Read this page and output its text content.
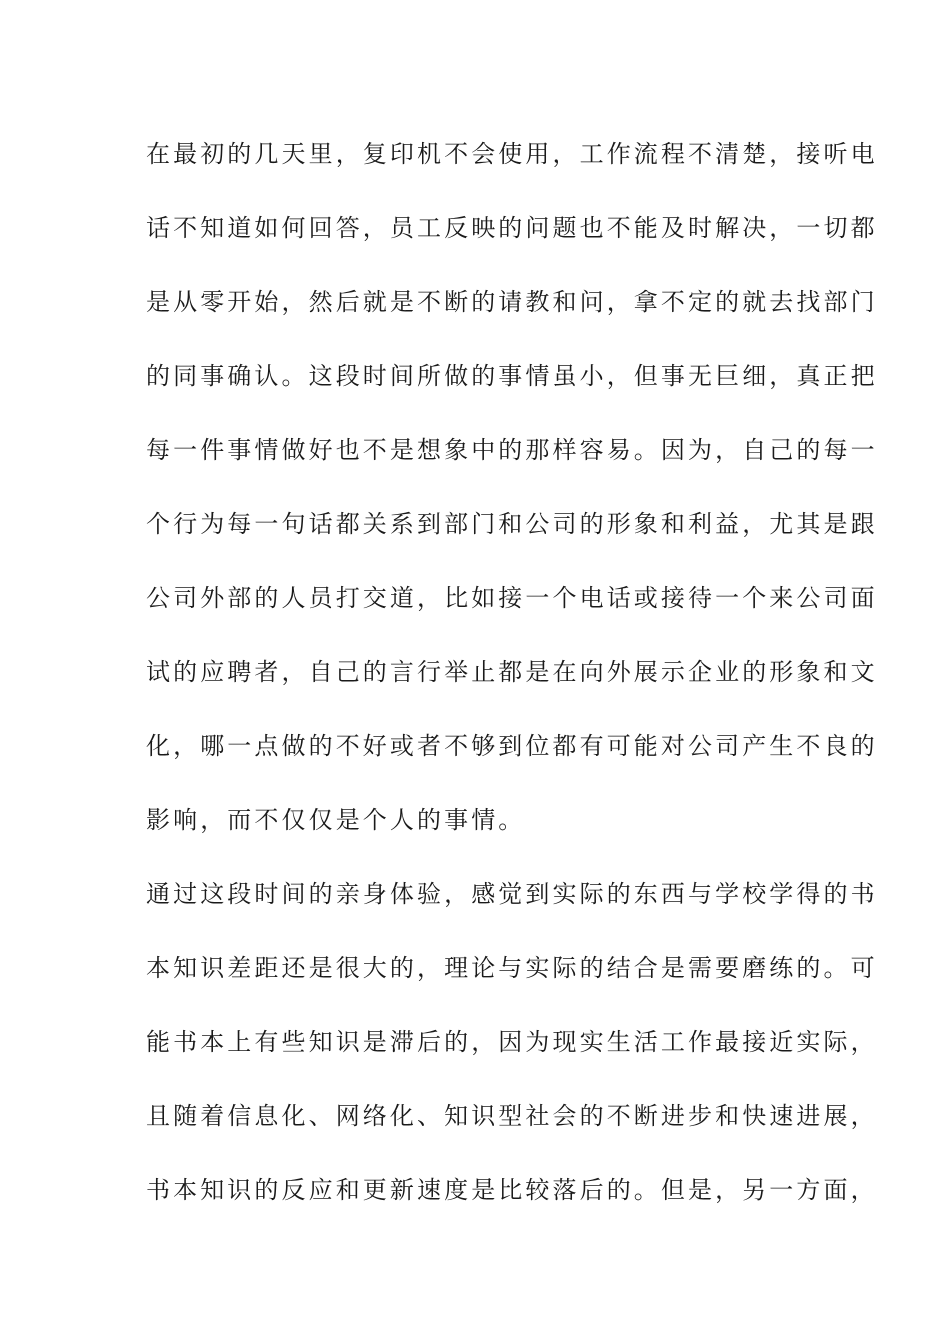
在最初的几天里，复印机不会使用，工作流程不清楚，接听电
话不知道如何回答，员工反映的问题也不能及时解决，一切都
是从零开始，然后就是不断的请教和问，拿不定的就去找部门
的同事确认。这段时间所做的事情虽小，但事无巨细，真正把
每一件事情做好也不是想象中的那样容易。因为，自己的每一
个行为每一句话都关系到部门和公司的形象和利益，尤其是跟
公司外部的人员打交道，比如接一个电话或接待一个来公司面
试的应聘者，自己的言行举止都是在向外展示企业的形象和文
化，哪一点做的不好或者不够到位都有可能对公司产生不良的
影响，而不仅仅是个人的事情。
通过这段时间的亲身体验，感觉到实际的东西与学校学得的书
本知识差距还是很大的，理论与实际的结合是需要磨练的。可
能书本上有些知识是滞后的，因为现实生活工作最接近实际，
且随着信息化、网络化、知识型社会的不断进步和快速进展，
书本知识的反应和更新速度是比较落后的。但是，另一方面，
